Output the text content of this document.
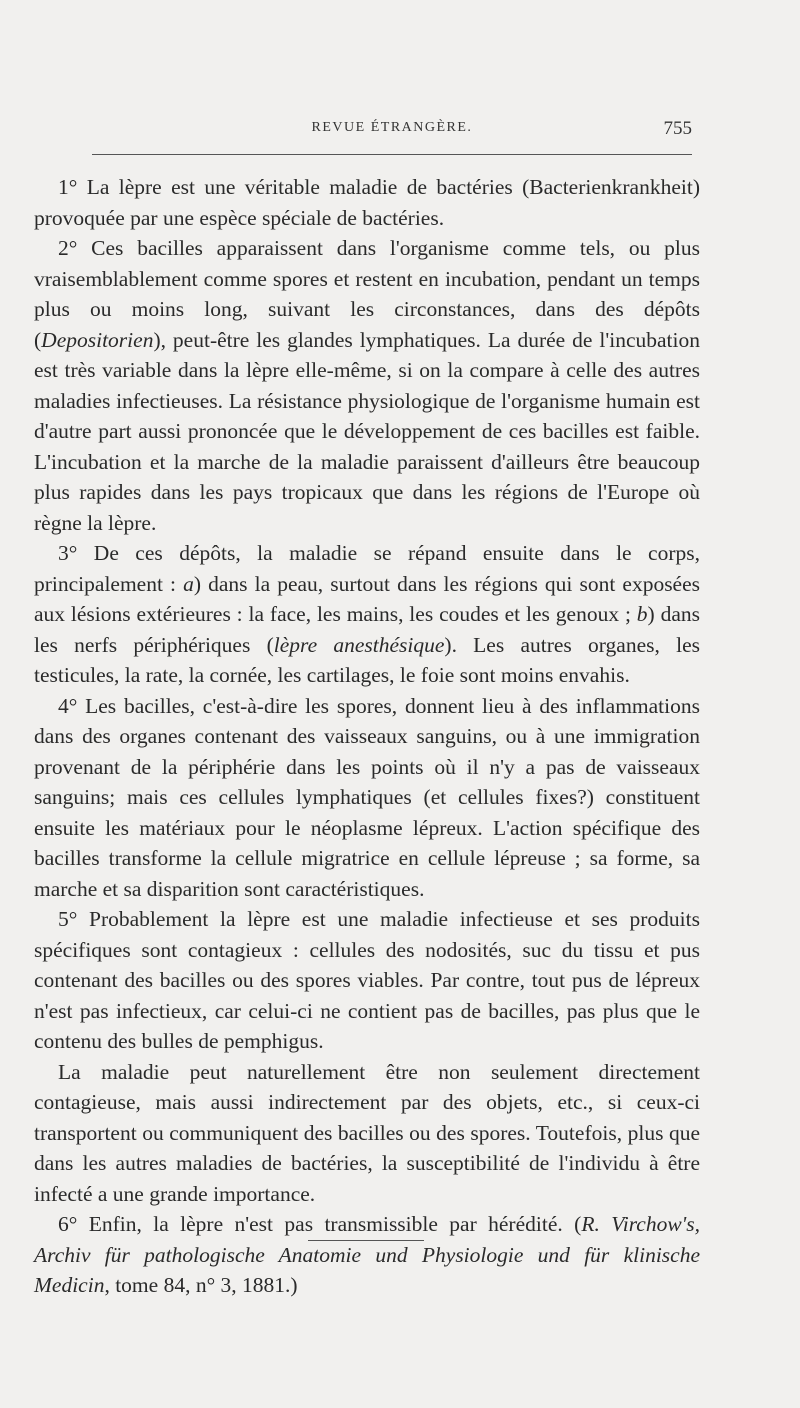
REVUE ÉTRANGÈRE.	755

1° La lèpre est une véritable maladie de bactéries (Bacterienkrankheit) provoquée par une espèce spéciale de bactéries.

2° Ces bacilles apparaissent dans l'organisme comme tels, ou plus vraisemblablement comme spores et restent en incubation, pendant un temps plus ou moins long, suivant les circonstances, dans des dépôts (Depositorien), peut-être les glandes lymphatiques. La durée de l'incubation est très variable dans la lèpre elle-même, si on la compare à celle des autres maladies infectieuses. La résistance physiologique de l'organisme humain est d'autre part aussi prononcée que le développement de ces bacilles est faible. L'incubation et la marche de la maladie paraissent d'ailleurs être beaucoup plus rapides dans les pays tropicaux que dans les régions de l'Europe où règne la lèpre.

3° De ces dépôts, la maladie se répand ensuite dans le corps, principalement : a) dans la peau, surtout dans les régions qui sont exposées aux lésions extérieures : la face, les mains, les coudes et les genoux ; b) dans les nerfs périphériques (lèpre anesthésique). Les autres organes, les testicules, la rate, la cornée, les cartilages, le foie sont moins envahis.

4° Les bacilles, c'est-à-dire les spores, donnent lieu à des inflammations dans des organes contenant des vaisseaux sanguins, ou à une immigration provenant de la périphérie dans les points où il n'y a pas de vaisseaux sanguins; mais ces cellules lymphatiques (et cellules fixes?) constituent ensuite les matériaux pour le néoplasme lépreux. L'action spécifique des bacilles transforme la cellule migratrice en cellule lépreuse ; sa forme, sa marche et sa disparition sont caractéristiques.

5° Probablement la lèpre est une maladie infectieuse et ses produits spécifiques sont contagieux : cellules des nodosités, suc du tissu et pus contenant des bacilles ou des spores viables. Par contre, tout pus de lépreux n'est pas infectieux, car celui-ci ne contient pas de bacilles, pas plus que le contenu des bulles de pemphigus.

La maladie peut naturellement être non seulement directement contagieuse, mais aussi indirectement par des objets, etc., si ceux-ci transportent ou communiquent des bacilles ou des spores. Toutefois, plus que dans les autres maladies de bactéries, la susceptibilité de l'individu à être infecté a une grande importance.

6° Enfin, la lèpre n'est pas transmissible par hérédité. (R. Virchow's, Archiv für pathologische Anatomie und Physiologie und für klinische Medicin, tome 84, n° 3, 1881.)
